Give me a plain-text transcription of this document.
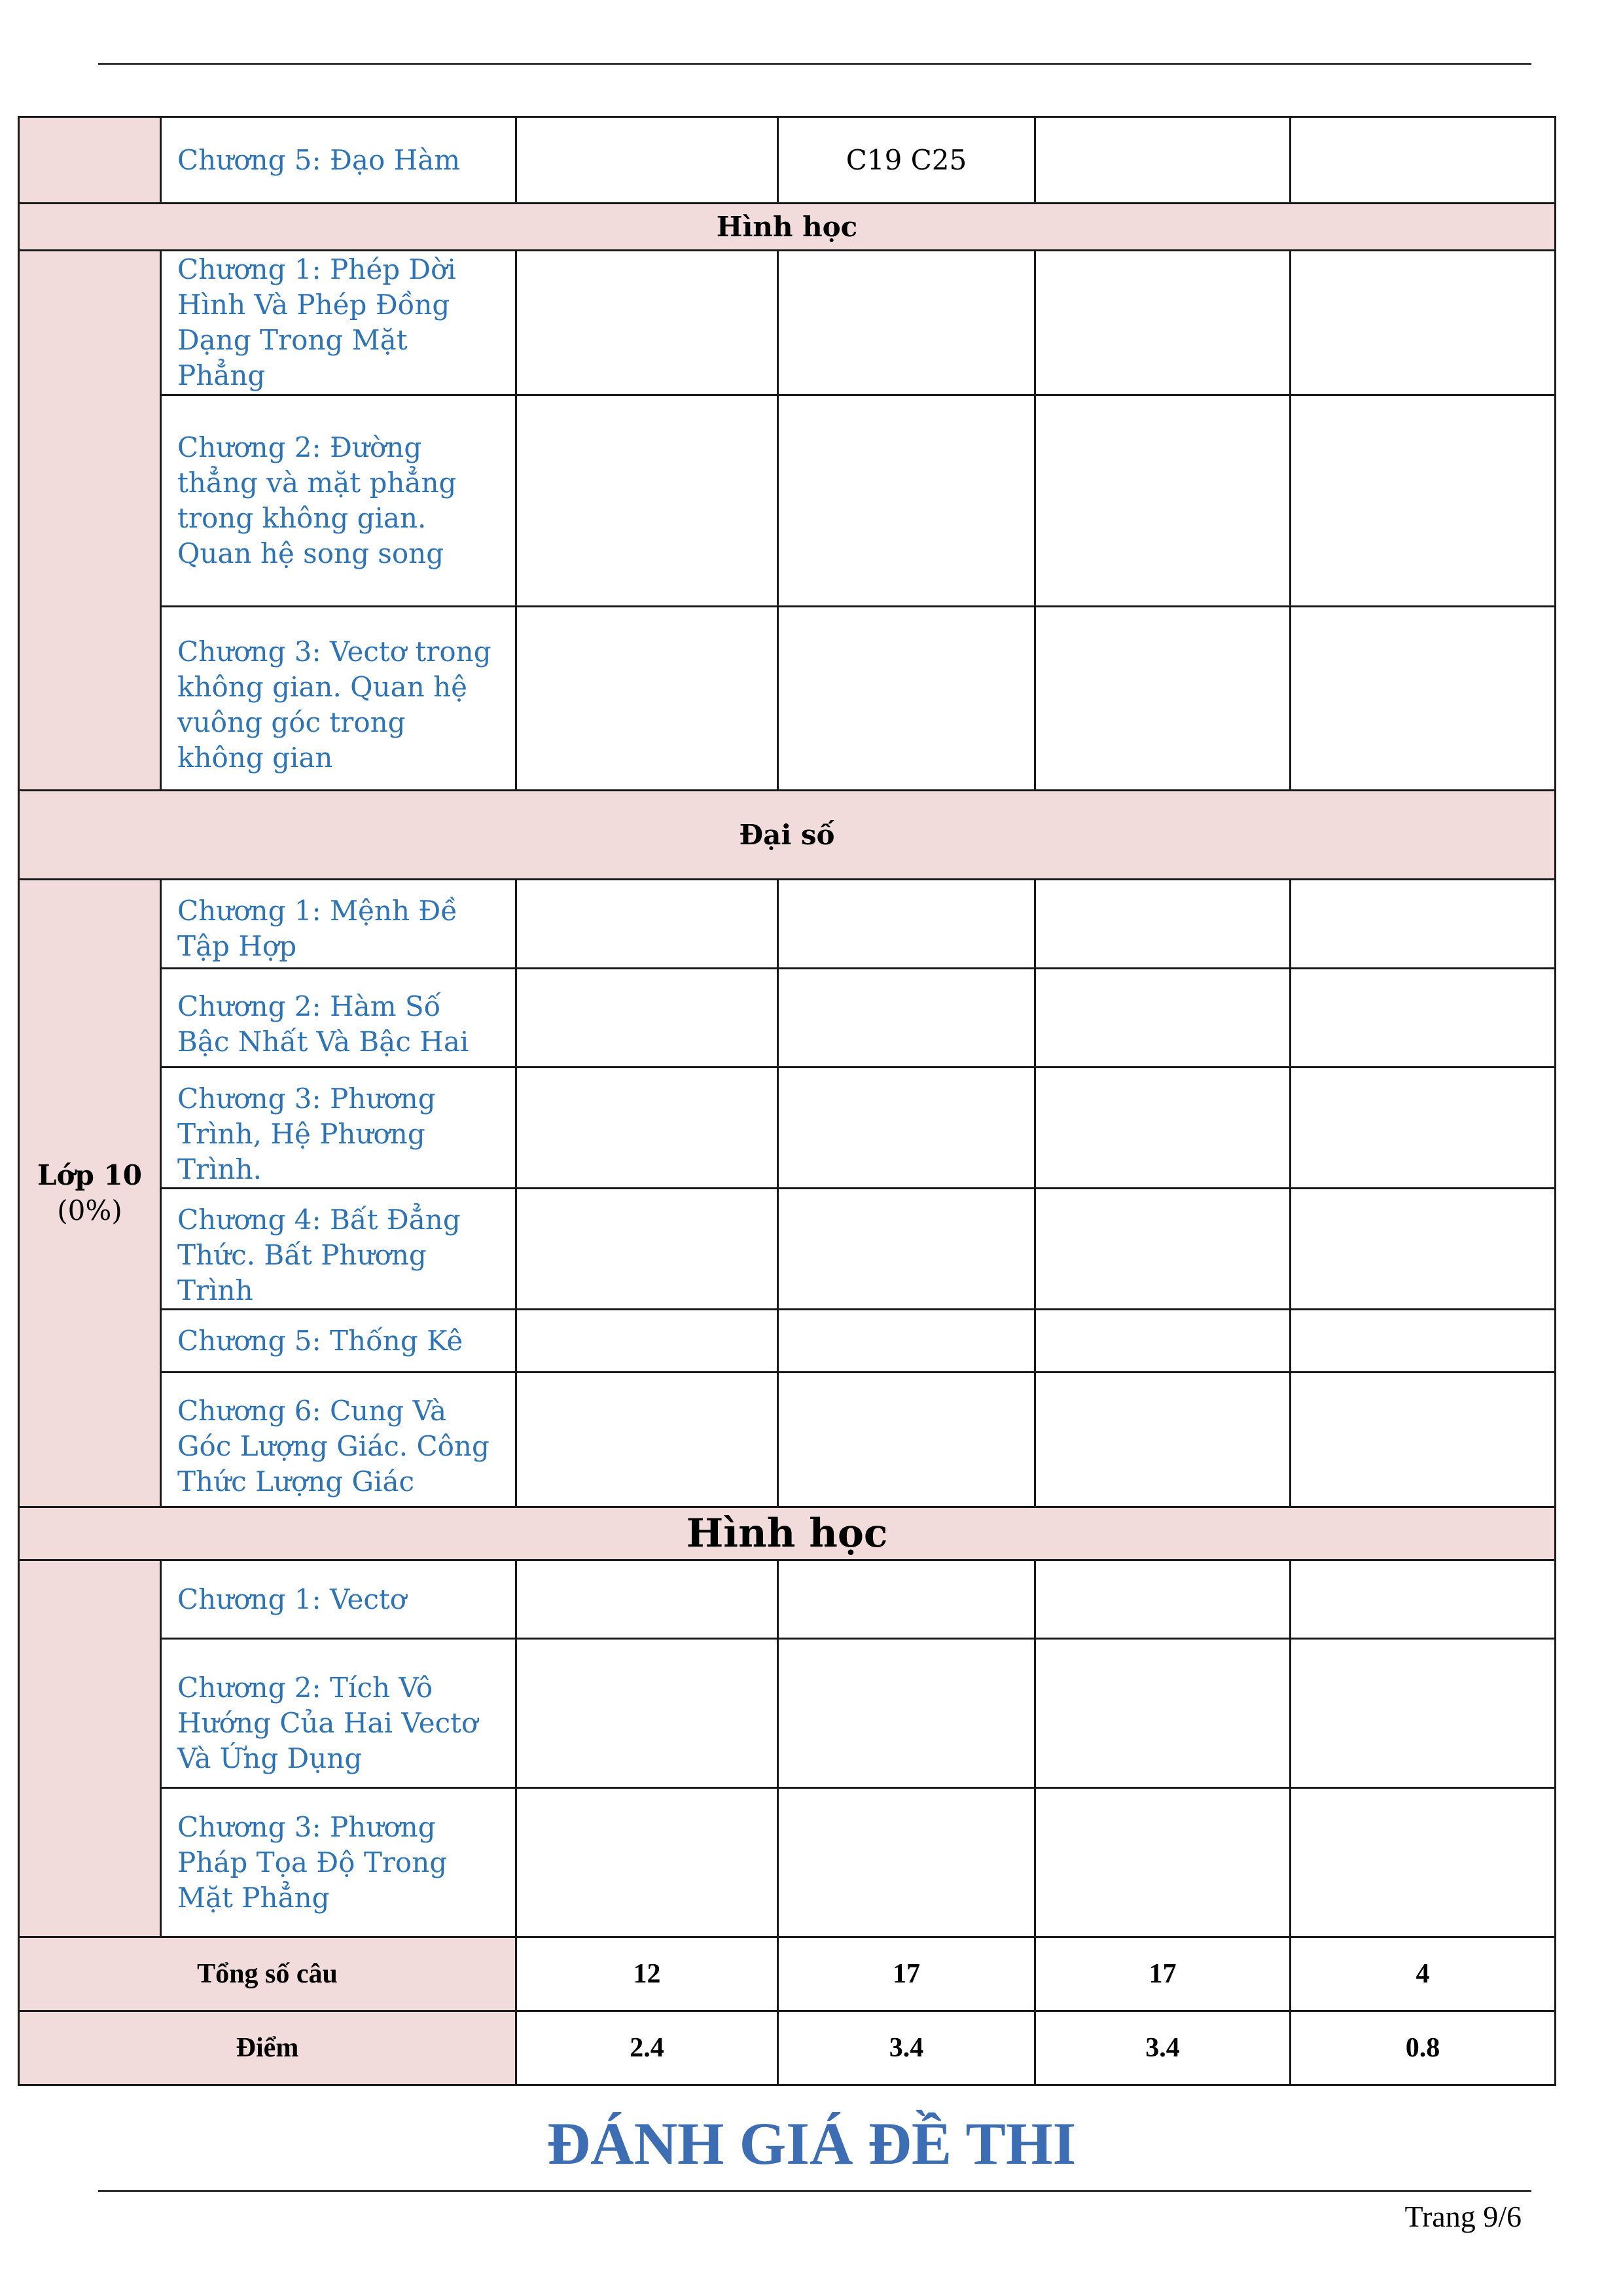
	Chương 5: Đạo Hàm		C19 C25		
Hình học					
	Chương 1: Phép Dời Hình Và Phép Đồng Dạng Trong Mặt Phẳng				
	Chương 2: Đường thẳng và mặt phẳng trong không gian. Quan hệ song song				
	Chương 3: Vectơ trong không gian. Quan hệ vuông góc trong không gian				
Đại số					

Lớp 10
(0%)	Chương 1: Mệnh Đề Tập Hợp				
	Chương 2: Hàm Số Bậc Nhất Và Bậc Hai				
	Chương 3: Phương Trình, Hệ Phương Trình.				
	Chương 4: Bất Đẳng Thức. Bất Phương Trình				
	Chương 5: Thống Kê				
	Chương 6: Cung Và Góc Lượng Giác. Công Thức Lượng Giác				
Hình học					
	Chương 1: Vectơ				
	Chương 2: Tích Vô Hướng Của Hai Vectơ Và Ứng Dụng				
	Chương 3: Phương Pháp Tọa Độ Trong Mặt Phẳng				
Tổng số câu		12	17	17	4
Điểm		2.4	3.4	3.4	0.8
ĐÁNH GIÁ ĐỀ THI
Trang 9/6
